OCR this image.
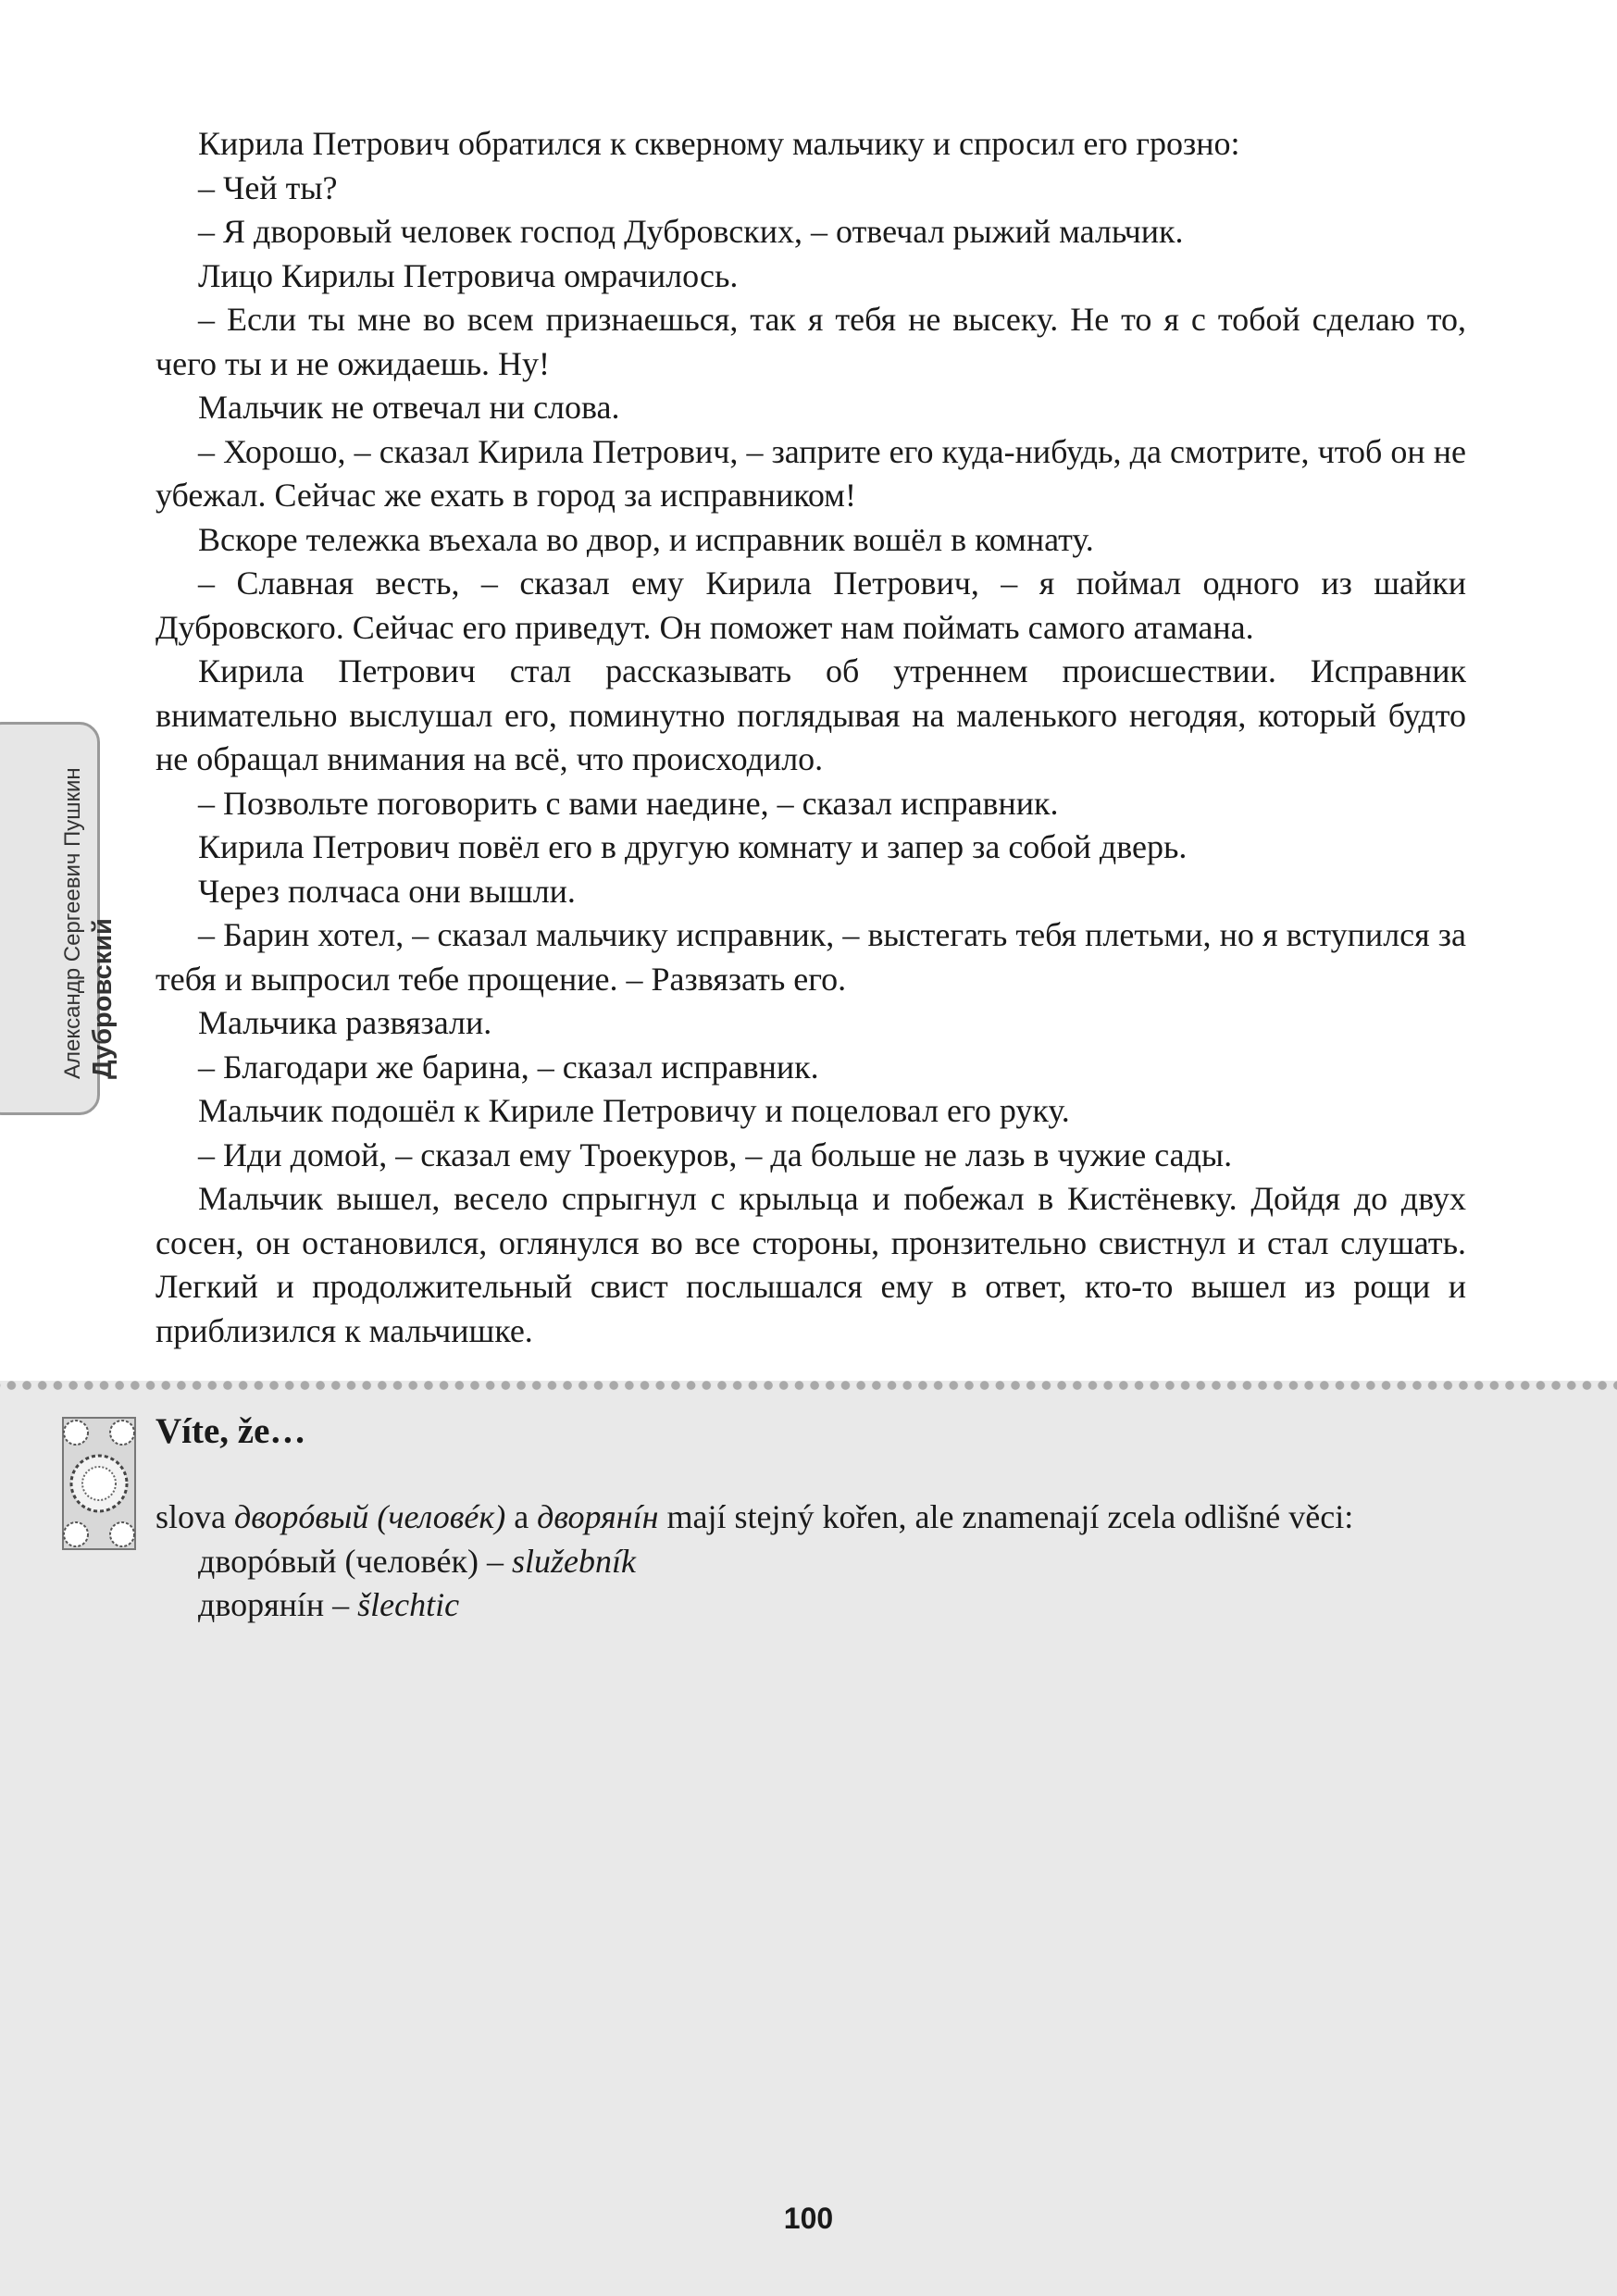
Александр Сергеевич Пушкин Дубровский

Кирила Петрович обратился к скверному мальчику и спросил его грозно:

– Чей ты?

– Я дворовый человек господ Дубровских, – отвечал рыжий мальчик.

Лицо Кирилы Петровича омрачилось.

– Если ты мне во всем признаешься, так я тебя не высеку. Не то я с тобой сделаю то, чего ты и не ожидаешь. Ну!

Мальчик не отвечал ни слова.

– Хорошо, – сказал Кирила Петрович, – заприте его куда-нибудь, да смотрите, чтоб он не убежал. Сейчас же ехать в город за исправником!

Вскоре тележка въехала во двор, и исправник вошёл в комнату.

– Славная весть, – сказал ему Кирила Петрович, – я поймал одного из шайки Дубровского. Сейчас его приведут. Он поможет нам поймать самого атамана.

Кирила Петрович стал рассказывать об утреннем происшествии. Исправник внимательно выслушал его, поминутно поглядывая на маленького негодяя, который будто не обращал внимания на всё, что происходило.

– Позвольте поговорить с вами наедине, – сказал исправник.

Кирила Петрович повёл его в другую комнату и запер за собой дверь.

Через полчаса они вышли.

– Барин хотел, – сказал мальчику исправник, – выстегать тебя плетьми, но я вступился за тебя и выпросил тебе прощение. – Развязать его.

Мальчика развязали.

– Благодари же барина, – сказал исправник.

Мальчик подошёл к Кириле Петровичу и поцеловал его руку.

– Иди домой, – сказал ему Троекуров, – да больше не лазь в чужие сады.

Мальчик вышел, весело спрыгнул с крыльца и побежал в Кистёневку. Дойдя до двух сосен, он остановился, оглянулся во все стороны, пронзительно свистнул и стал слушать. Легкий и продолжительный свист послышался ему в ответ, кто-то вышел из рощи и приблизился к мальчишке.

Víte, že…
slova дворóвый (человéк) a дворянíн mají stejný kořen, ale znamenají zcela odlišné věci:
дворóвый (человéк) – služebník
дворянíн – šlechtic
100
